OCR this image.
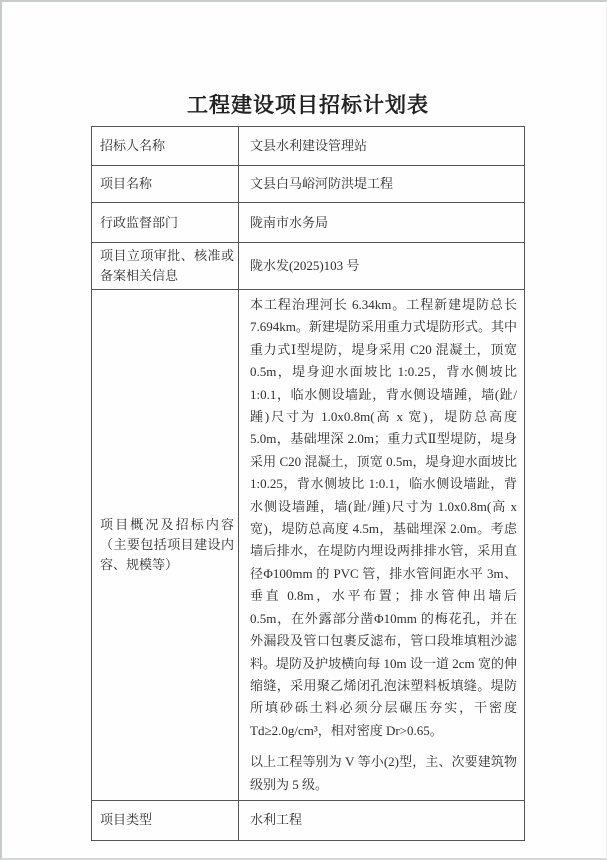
工程建设项目招标计划表
招标人名称	文县水利建设管理站
项目名称	文县白马峪河防洪堤工程
行政监督部门	陇南市水务局
项目立项审批、核准或备案相关信息	陇水发(2025)103 号
项目概况及招标内容（主要包括项目建设内容、规模等）	本工程治理河长 6.34km。工程新建堤防总长 7.694km。新建堤防采用重力式堤防形式。其中重力式Ⅰ型堤防，堤身采用 C20 混凝土，顶宽 0.5m，堤身迎水面坡比 1:0.25，背水侧坡比 1:0.1，临水侧设墙趾，背水侧设墙踵，墙(趾/踵)尺寸为 1.0x0.8m(高 x 宽)，堤防总高度 5.0m，基础埋深 2.0m；重力式Ⅱ型堤防，堤身采用 C20 混凝土，顶宽 0.5m，堤身迎水面坡比 1:0.25，背水侧坡比 1:0.1，临水侧设墙趾，背水侧设墙踵，墙(趾/踵)尺寸为 1.0x0.8m(高 x 宽)，堤防总高度 4.5m，基础埋深 2.0m。考虑墙后排水，在堤防内埋设两排排水管，采用直径Φ100mm 的 PVC 管，排水管间距水平 3m、垂直 0.8m，水平布置；排水管伸出墙后 0.5m，在外露部分凿Φ10mm 的梅花孔，并在外漏段及管口包裹反滤布，管口段堆填粗沙滤料。堤防及护坡横向每 10m 设一道 2cm 宽的伸缩缝，采用聚乙烯闭孔泡沫塑料板填缝。堤防所填砂砾土料必须分层碾压夯实，干密度 Td≥2.0g/cm³，相对密度 Dr>0.65。

以上工程等别为 V 等小(2)型，主、次要建筑物级别为 5 级。

项目类型	水利工程
